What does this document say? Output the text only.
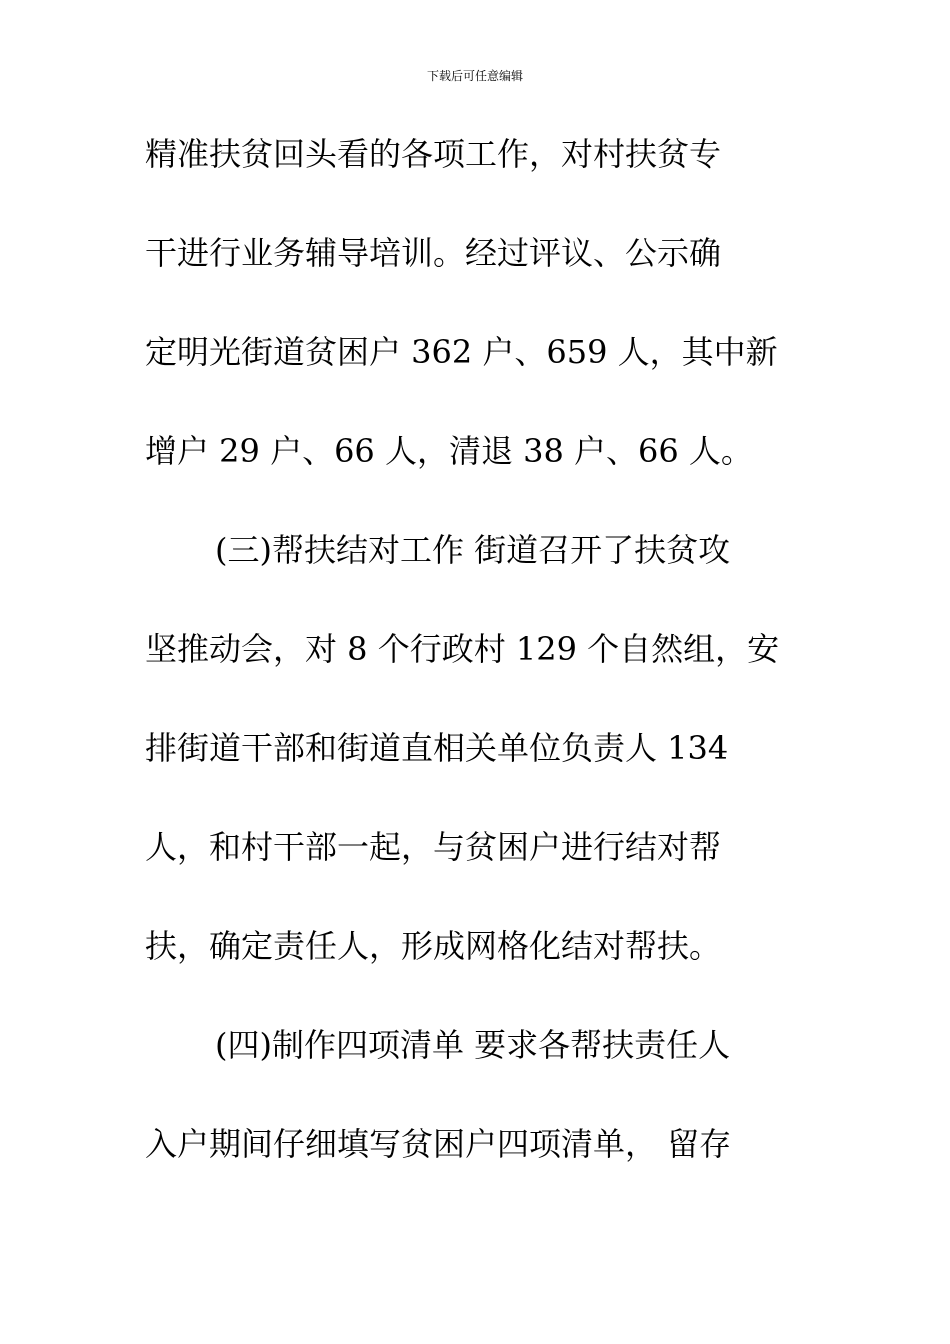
下载后可任意编辑
精准扶贫回头看的各项工作，对村扶贫专
干进行业务辅导培训。经过评议、公示确
定明光街道贫困户 362 户、659 人，其中新
增户 29 户、66 人，清退 38 户、66 人。
(三)帮扶结对工作 街道召开了扶贫攻
坚推动会，对 8 个行政村 129 个自然组，安
排街道干部和街道直相关单位负责人 134
人，和村干部一起，与贫困户进行结对帮
扶，确定责任人，形成网格化结对帮扶。
(四)制作四项清单 要求各帮扶责任人
入户期间仔细填写贫困户四项清单， 留存
